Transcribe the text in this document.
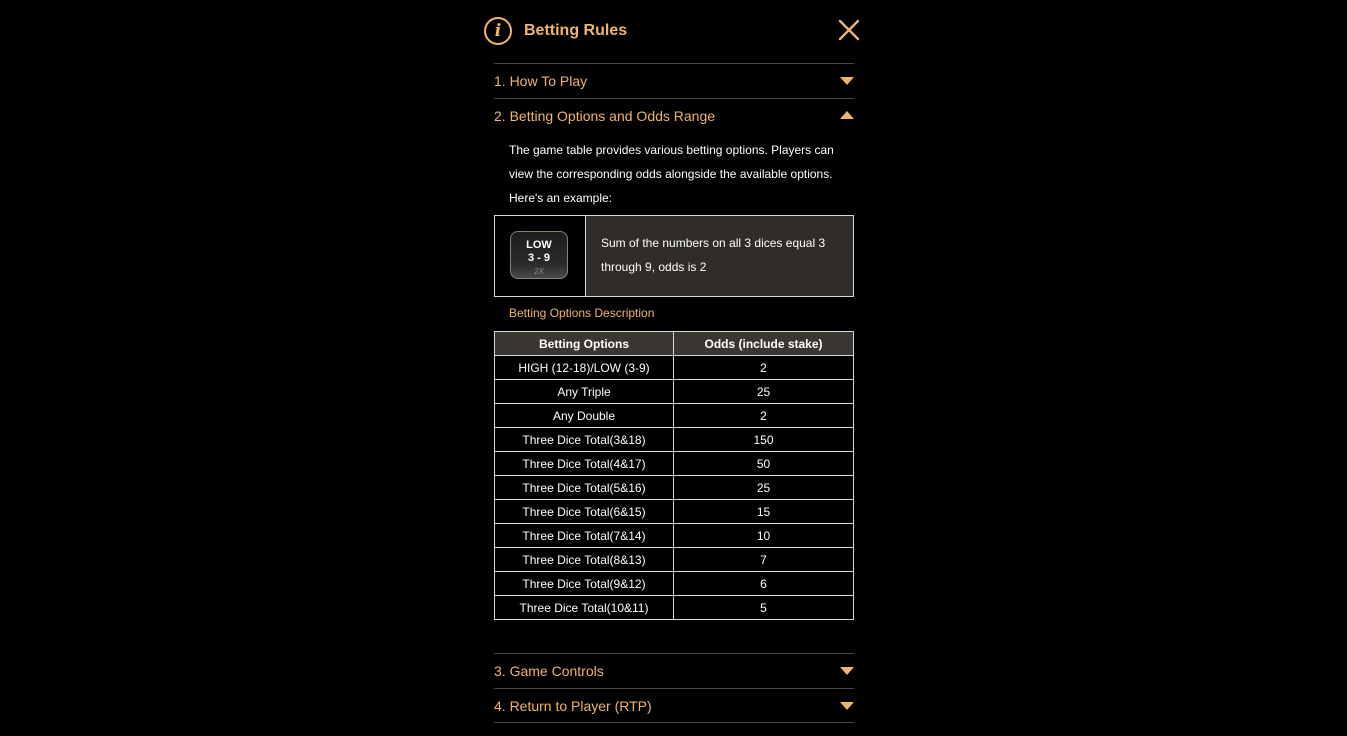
i	Betting Rules
1. How To Play
2. Betting Options and Odds Range
The game table provides various betting options. Players can view the corresponding odds alongside the available options. Here's an example:
LOW
3 - 9
2X
Sum of the numbers on all 3 dices equal 3 through 9, odds is 2
Betting Options Description
Betting Options	Odds (include stake)
HIGH (12-18)/LOW (3-9)	2
Any Triple	25
Any Double	2
Three Dice Total(3&18)	150
Three Dice Total(4&17)	50
Three Dice Total(5&16)	25
Three Dice Total(6&15)	15
Three Dice Total(7&14)	10
Three Dice Total(8&13)	7
Three Dice Total(9&12)	6
Three Dice Total(10&11)	5
3. Game Controls
4. Return to Player (RTP)
